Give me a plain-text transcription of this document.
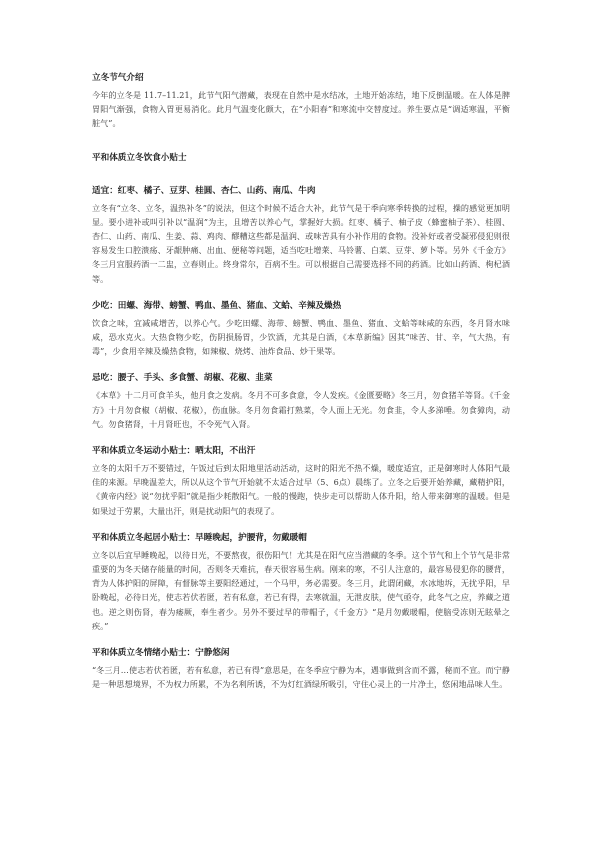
立冬节气介绍

今年的立冬是 11.7–11.21，此节气阳气潜藏，表现在自然中是水结冰，土地开始冻结，地下反倒温暖。在人体是脾胃阳气渐强，食物入胃更易消化。此月气温变化颇大，在“小阳春”和寒流中交替度过。养生要点是“调适寒温，平衡脏气”。

平和体质立冬饮食小贴士
适宜：红枣、橘子、豆芽、桂圆、杏仁、山药、南瓜、牛肉

立冬有“立冬、立冬，温热补冬”的说法，但这个时候不适合大补，此节气是于季向寒季转换的过程，操的感觉更加明显。要小进补或叫引补以“温润”为主，且增苦以养心气，掌握好大损。红枣、橘子、柚子皮（蜂蜜柚子茶）、桂圆、杏仁、山药、南瓜、生姜、蒜、鸡肉、醪糟这些都是温润、或味苦具有小补作用的食物。没补好或者受凝邪侵犯则很容易发生口腔溃疡、牙龈肿痛、出血、便秘等问题，适当吃吐增莱、马铃薯、白菜、豆芽、萝卜等。另外《千金方》冬三月宜服药酒一二盅，立春则止。终身常尔，百病不生。可以根据自己需要选择不同的药酒。比如山药酒、枸杞酒等。

少吃：田螺、海带、螃蟹、鸭血、墨鱼、猪血、文蛤、辛辣及燥热

饮食之味，宜减咸增苦，以养心气。少吃田螺、海带、螃蟹、鸭血、墨鱼、猪血、文蛤等味咸的东西，冬月肾水味咸，恐水克火。大热食物少吃，伤阴损肠胃，少饮酒，尤其是白酒，《本草新编》因其“味苦、甘、辛，气大热，有毒”，少食用辛辣及燥热食物，如辣椒、烧烤、油炸食品、炒干果等。

忌吃：腰子、手头、多食蟹、胡椒、花椒、韭菜

《本草》十二月可食羊头，他月食之发病。冬月不可多食意，令人发疾。《金匮要略》冬三月，勿食猪羊等肾。《千金方》十月勿食椒（胡椒、花椒），伤血脉。冬月勿食霜打熟菜，令人面上无光。勿食韭，令人多涕唾。勿食獐肉，动气。勿食猪肾，十月肾旺也，不令死气入肾。

平和体质立冬运动小贴士：晒太阳，不出汗

立冬的太阳千万不要错过，午饭过后到太阳地里活动活动，这时的阳光不热不燥，暖度适宜，正是御寒时人体阳气最佳的来源。早晚温差大，所以从这个节气开始就不太适合过早（5、6点）晨练了。立冬之后要开始养藏，藏精护阳，《黄帝内经》说“勿扰乎阳”就是指少耗散阳气。一般的慢跑，快步走可以帮助人体升阳，给人带来御寒的温暖。但是如果过于劳累，大量出汗，则是扰动阳气的表现了。

平和体质立冬起居小贴士：早睡晚起，护腰背，勿戴暖帽

立冬以后宜早睡晚起，以待日光，不要熬夜，很伤阳气！尤其是在阳气应当潜藏的冬季。这个节气和上个节气是非常重要的为冬天储存能量的时间，否则冬天难抗，春天很容易生病。刚来的寒，不引人注意的，最容易侵犯你的腰背，背为人体护阳的屏障，有督脉等主要阳经通过，一个马甲，务必需要。冬三月，此谓闭藏，水冰地坼，无扰乎阳，早卧晚起，必待日光，使志若伏若匿，若有私意，若已有得，去寒就温，无泄皮肤，使气亟夺，此冬气之应，养藏之道也。逆之则伤肾，春为痿厥，奉生者少。另外不要过早的带帽子，《千金方》“是月勿戴暖帽，使脑受冻则无眩晕之疾。”

平和体质立冬情绪小贴士：宁静悠闲

“冬三月…使志若伏若匿，若有私意，若已有得”意思是，在冬季应宁静为本，遇事做到含而不露，秘而不宣。而宁静是一种思想境界，不为权力所累，不为名利所诱，不为灯红酒绿所吸引，守住心灵上的一片净土，悠闲地品味人生。
